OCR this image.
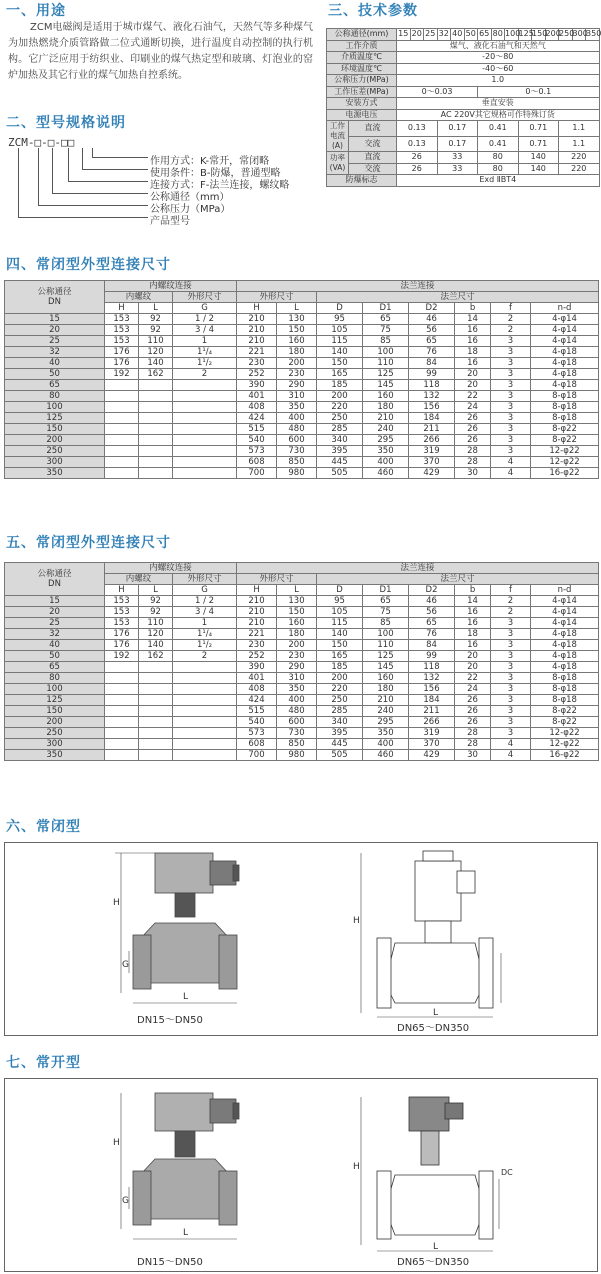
一、用途
ZCM电磁阀是适用于城市煤气、液化石油气，天然气等多种煤气为加热燃烧介质管路做二位式通断切换，进行温度自动控制的执行机构。它广泛应用于纺织业、印刷业的煤气热定型和玻璃、灯泡业的窑炉加热及其它行业的煤气加热自控系统。
二、型号规格说明
ZCM-□-□-□□
作用方式：K-常开，常闭略
使用条件：B-防爆，普通型略
连接方式：F-法兰连接，螺纹略
公称通径（mm）
公称压力（MPa）
产品型号
三、技术参数
公称通径(mm)		15	20	25	32	40	50	65	80	100	125	150	200	250	300	350
工作介质		煤气、液化石油气和天然气														
介质温度℃		-20～80														
环境温度℃		-40～60														
公称压力(MPa)		1.0														
工作压差(MPa)		0～0.03						0～0.1								
安装方式		垂直安装														
电源电压		AC 220V其它规格可作特殊订货														
工作电流(A)	直流	0.13			0.17			0.41			0.71			1.1		
	交流	0.13			0.17			0.41			0.71			1.1		
功率(VA)	直流	26			33			80			140			220		
	交流	26			33			80			140			220		
防爆标志		Exd ⅡBT4														
四、常闭型外型连接尺寸
公称通径
DN	内螺纹连接			法兰连接							
	内螺纹		外形尺寸	外形尺寸		法兰尺寸					
	H	L	G	H	L	D	D1	D2	b	f	n-d
15	153	92	1 / 2	210	130	95	65	46	14	2	4-φ14
20	153	92	3 / 4	210	150	105	75	56	16	2	4-φ14
25	153	110	1	210	160	115	85	65	16	3	4-φ14
32	176	120	1¹/₄	221	180	140	100	76	18	3	4-φ18
40	176	140	1¹/₂	230	200	150	110	84	16	3	4-φ18
50	192	162	2	252	230	165	125	99	20	3	4-φ18
65				390	290	185	145	118	20	3	4-φ18
80				401	310	200	160	132	22	3	8-φ18
100				408	350	220	180	156	24	3	8-φ18
125				424	400	250	210	184	26	3	8-φ18
150				515	480	285	240	211	26	3	8-φ22
200				540	600	340	295	266	26	3	8-φ22
250				573	730	395	350	319	28	3	12-φ22
300				608	850	445	400	370	28	4	12-φ22
350				700	980	505	460	429	30	4	16-φ22
五、常闭型外型连接尺寸
公称通径
DN	内螺纹连接			法兰连接							
	内螺纹		外形尺寸	外形尺寸		法兰尺寸					
	H	L	G	H	L	D	D1	D2	b	f	n-d
15	153	92	1 / 2	210	130	95	65	46	14	2	4-φ14
20	153	92	3 / 4	210	150	105	75	56	16	2	4-φ14
25	153	110	1	210	160	115	85	65	16	3	4-φ14
32	176	120	1¹/₄	221	180	140	100	76	18	3	4-φ18
40	176	140	1¹/₂	230	200	150	110	84	16	3	4-φ18
50	192	162	2	252	230	165	125	99	20	3	4-φ18
65				390	290	185	145	118	20	3	4-φ18
80				401	310	200	160	132	22	3	8-φ18
100				408	350	220	180	156	24	3	8-φ18
125				424	400	250	210	184	26	3	8-φ18
150				515	480	285	240	211	26	3	8-φ22
200				540	600	340	295	266	26	3	8-φ22
250				573	730	395	350	319	28	3	12-φ22
300				608	850	445	400	370	28	4	12-φ22
350				700	980	505	460	429	30	4	16-φ22
六、常闭型
H
G
L
DN15～DN50
H
L
DN65～DN350
七、常开型
H
G
L
DN15～DN50
H
DC
L
DN65～DN350
